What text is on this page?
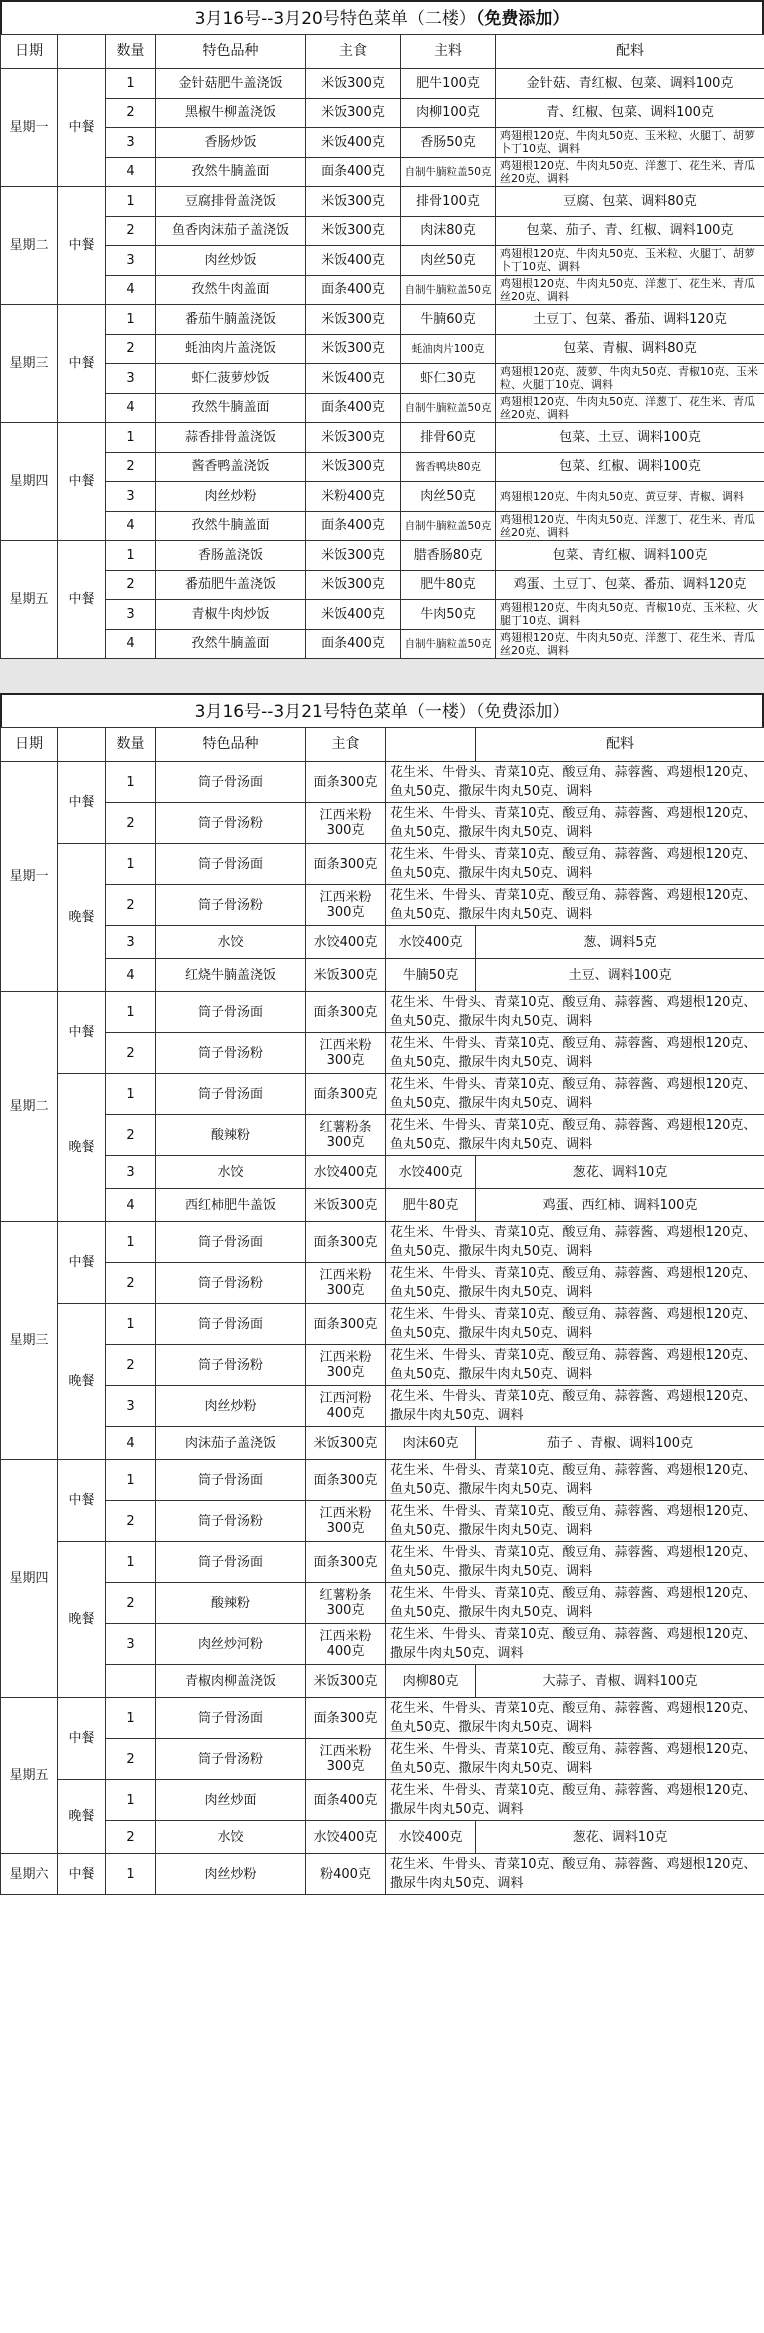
3月16号--3月20号特色菜单（二楼）（免费添加）
日期		数量	特色品种	主食	主料	配料
星期一	中餐	1	金针菇肥牛盖浇饭	米饭300克	肥牛100克	金针菇、青红椒、包菜、调料100克
		2	黑椒牛柳盖浇饭	米饭300克	肉柳100克	青、红椒、包菜、调料100克
		3	香肠炒饭	米饭400克	香肠50克	鸡翅根120克、牛肉丸50克、玉米粒、火腿丁、胡萝卜丁10克、调料
		4	孜然牛腩盖面	面条400克	自制牛腩粒盖50克	鸡翅根120克、牛肉丸50克、洋葱丁、花生米、青瓜丝20克、调料
星期二	中餐	1	豆腐排骨盖浇饭	米饭300克	排骨100克	豆腐、包菜、调料80克
		2	鱼香肉沫茄子盖浇饭	米饭300克	肉沫80克	包菜、茄子、青、红椒、调料100克
		3	肉丝炒饭	米饭400克	肉丝50克	鸡翅根120克、牛肉丸50克、玉米粒、火腿丁、胡萝卜丁10克、调料
		4	孜然牛肉盖面	面条400克	自制牛腩粒盖50克	鸡翅根120克、牛肉丸50克、洋葱丁、花生米、青瓜丝20克、调料
星期三	中餐	1	番茄牛腩盖浇饭	米饭300克	牛腩60克	土豆丁、包菜、番茄、调料120克
		2	蚝油肉片盖浇饭	米饭300克	蚝油肉片100克	包菜、青椒、调料80克
		3	虾仁菠萝炒饭	米饭400克	虾仁30克	鸡翅根120克、菠萝、牛肉丸50克、青椒10克、玉米粒、火腿丁10克、调料
		4	孜然牛腩盖面	面条400克	自制牛腩粒盖50克	鸡翅根120克、牛肉丸50克、洋葱丁、花生米、青瓜丝20克、调料
星期四	中餐	1	蒜香排骨盖浇饭	米饭300克	排骨60克	包菜、土豆、调料100克
		2	酱香鸭盖浇饭	米饭300克	酱香鸭块80克	包菜、红椒、调料100克
		3	肉丝炒粉	米粉400克	肉丝50克	鸡翅根120克、牛肉丸50克、黄豆芽、青椒、调料
		4	孜然牛腩盖面	面条400克	自制牛腩粒盖50克	鸡翅根120克、牛肉丸50克、洋葱丁、花生米、青瓜丝20克、调料
星期五	中餐	1	香肠盖浇饭	米饭300克	腊香肠80克	包菜、青红椒、调料100克
		2	番茄肥牛盖浇饭	米饭300克	肥牛80克	鸡蛋、土豆丁、包菜、番茄、调料120克
		3	青椒牛肉炒饭	米饭400克	牛肉50克	鸡翅根120克、牛肉丸50克、青椒10克、玉米粒、火腿丁10克、调料
		4	孜然牛腩盖面	面条400克	自制牛腩粒盖50克	鸡翅根120克、牛肉丸50克、洋葱丁、花生米、青瓜丝20克、调料
3月16号--3月21号特色菜单（一楼）（免费添加）
日期		数量	特色品种	主食		配料
星期一	中餐	1	筒子骨汤面	面条300克	花生米、牛骨头、青菜10克、酸豆角、蒜蓉酱、鸡翅根120克、鱼丸50克、撒尿牛肉丸50克、调料	
		2	筒子骨汤粉	江西米粉300克	花生米、牛骨头、青菜10克、酸豆角、蒜蓉酱、鸡翅根120克、鱼丸50克、撒尿牛肉丸50克、调料	
	晚餐	1	筒子骨汤面	面条300克	花生米、牛骨头、青菜10克、酸豆角、蒜蓉酱、鸡翅根120克、鱼丸50克、撒尿牛肉丸50克、调料	
		2	筒子骨汤粉	江西米粉300克	花生米、牛骨头、青菜10克、酸豆角、蒜蓉酱、鸡翅根120克、鱼丸50克、撒尿牛肉丸50克、调料	
		3	水饺	水饺400克	水饺400克	葱、调料5克
		4	红烧牛腩盖浇饭	米饭300克	牛腩50克	土豆、调料100克
星期二	中餐	1	筒子骨汤面	面条300克	花生米、牛骨头、青菜10克、酸豆角、蒜蓉酱、鸡翅根120克、鱼丸50克、撒尿牛肉丸50克、调料	
		2	筒子骨汤粉	江西米粉300克	花生米、牛骨头、青菜10克、酸豆角、蒜蓉酱、鸡翅根120克、鱼丸50克、撒尿牛肉丸50克、调料	
	晚餐	1	筒子骨汤面	面条300克	花生米、牛骨头、青菜10克、酸豆角、蒜蓉酱、鸡翅根120克、鱼丸50克、撒尿牛肉丸50克、调料	
		2	酸辣粉	红薯粉条300克	花生米、牛骨头、青菜10克、酸豆角、蒜蓉酱、鸡翅根120克、鱼丸50克、撒尿牛肉丸50克、调料	
		3	水饺	水饺400克	水饺400克	葱花、调料10克
		4	西红柿肥牛盖饭	米饭300克	肥牛80克	鸡蛋、西红柿、调料100克
星期三	中餐	1	筒子骨汤面	面条300克	花生米、牛骨头、青菜10克、酸豆角、蒜蓉酱、鸡翅根120克、鱼丸50克、撒尿牛肉丸50克、调料	
		2	筒子骨汤粉	江西米粉300克	花生米、牛骨头、青菜10克、酸豆角、蒜蓉酱、鸡翅根120克、鱼丸50克、撒尿牛肉丸50克、调料	
	晚餐	1	筒子骨汤面	面条300克	花生米、牛骨头、青菜10克、酸豆角、蒜蓉酱、鸡翅根120克、鱼丸50克、撒尿牛肉丸50克、调料	
		2	筒子骨汤粉	江西米粉300克	花生米、牛骨头、青菜10克、酸豆角、蒜蓉酱、鸡翅根120克、鱼丸50克、撒尿牛肉丸50克、调料	
		3	肉丝炒粉	江西河粉400克	花生米、牛骨头、青菜10克、酸豆角、蒜蓉酱、鸡翅根120克、撒尿牛肉丸50克、调料	
		4	肉沫茄子盖浇饭	米饭300克	肉沫60克	茄子 、青椒、调料100克
星期四	中餐	1	筒子骨汤面	面条300克	花生米、牛骨头、青菜10克、酸豆角、蒜蓉酱、鸡翅根120克、鱼丸50克、撒尿牛肉丸50克、调料	
		2	筒子骨汤粉	江西米粉300克	花生米、牛骨头、青菜10克、酸豆角、蒜蓉酱、鸡翅根120克、鱼丸50克、撒尿牛肉丸50克、调料	
	晚餐	1	筒子骨汤面	面条300克	花生米、牛骨头、青菜10克、酸豆角、蒜蓉酱、鸡翅根120克、鱼丸50克、撒尿牛肉丸50克、调料	
		2	酸辣粉	红薯粉条300克	花生米、牛骨头、青菜10克、酸豆角、蒜蓉酱、鸡翅根120克、鱼丸50克、撒尿牛肉丸50克、调料	
		3	肉丝炒河粉	江西米粉400克	花生米、牛骨头、青菜10克、酸豆角、蒜蓉酱、鸡翅根120克、撒尿牛肉丸50克、调料	
			青椒肉柳盖浇饭	米饭300克	肉柳80克	大蒜子、青椒、调料100克
星期五	中餐	1	筒子骨汤面	面条300克	花生米、牛骨头、青菜10克、酸豆角、蒜蓉酱、鸡翅根120克、鱼丸50克、撒尿牛肉丸50克、调料	
		2	筒子骨汤粉	江西米粉300克	花生米、牛骨头、青菜10克、酸豆角、蒜蓉酱、鸡翅根120克、鱼丸50克、撒尿牛肉丸50克、调料	
	晚餐	1	肉丝炒面	面条400克	花生米、牛骨头、青菜10克、酸豆角、蒜蓉酱、鸡翅根120克、撒尿牛肉丸50克、调料	
		2	水饺	水饺400克	水饺400克	葱花、调料10克
星期六	中餐	1	肉丝炒粉	粉400克	花生米、牛骨头、青菜10克、酸豆角、蒜蓉酱、鸡翅根120克、撒尿牛肉丸50克、调料	
